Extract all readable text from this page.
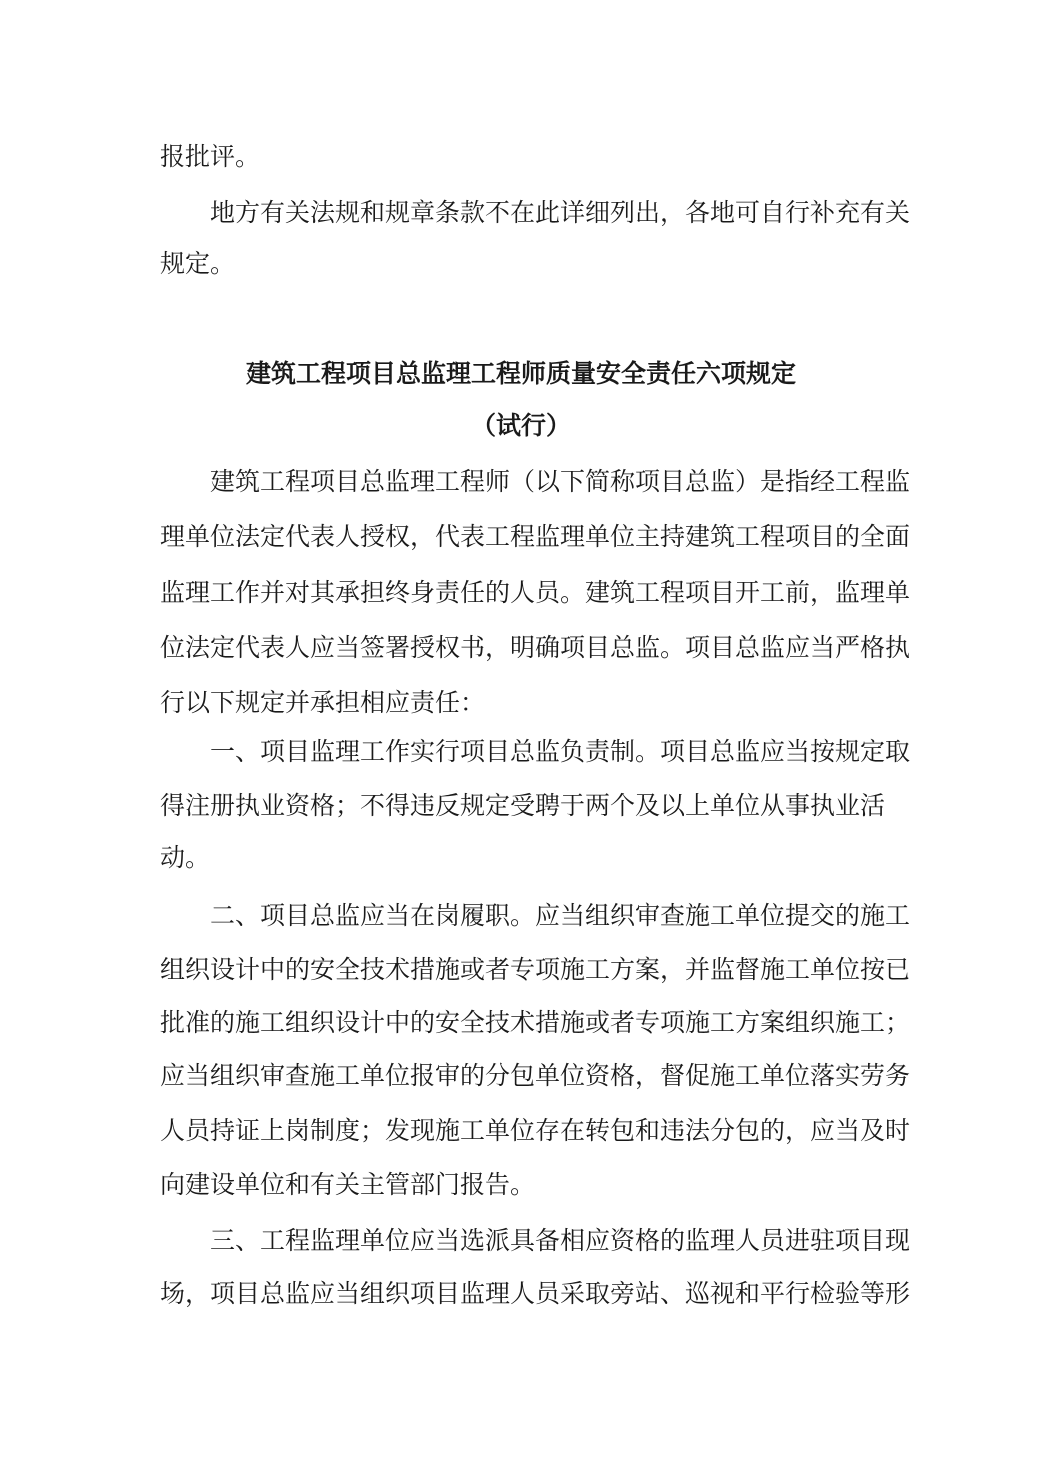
报批评。
　　地方有关法规和规章条款不在此详细列出，各地可自行补充有关
规定。
建筑工程项目总监理工程师质量安全责任六项规定
（试行）
　　建筑工程项目总监理工程师（以下简称项目总监）是指经工程监
理单位法定代表人授权，代表工程监理单位主持建筑工程项目的全面
监理工作并对其承担终身责任的人员。建筑工程项目开工前，监理单
位法定代表人应当签署授权书，明确项目总监。项目总监应当严格执
行以下规定并承担相应责任：
　　一、项目监理工作实行项目总监负责制。项目总监应当按规定取
得注册执业资格；不得违反规定受聘于两个及以上单位从事执业活
动。
　　二、项目总监应当在岗履职。应当组织审查施工单位提交的施工
组织设计中的安全技术措施或者专项施工方案，并监督施工单位按已
批准的施工组织设计中的安全技术措施或者专项施工方案组织施工；
应当组织审查施工单位报审的分包单位资格，督促施工单位落实劳务
人员持证上岗制度；发现施工单位存在转包和违法分包的，应当及时
向建设单位和有关主管部门报告。
　　三、工程监理单位应当选派具备相应资格的监理人员进驻项目现
场，项目总监应当组织项目监理人员采取旁站、巡视和平行检验等形
